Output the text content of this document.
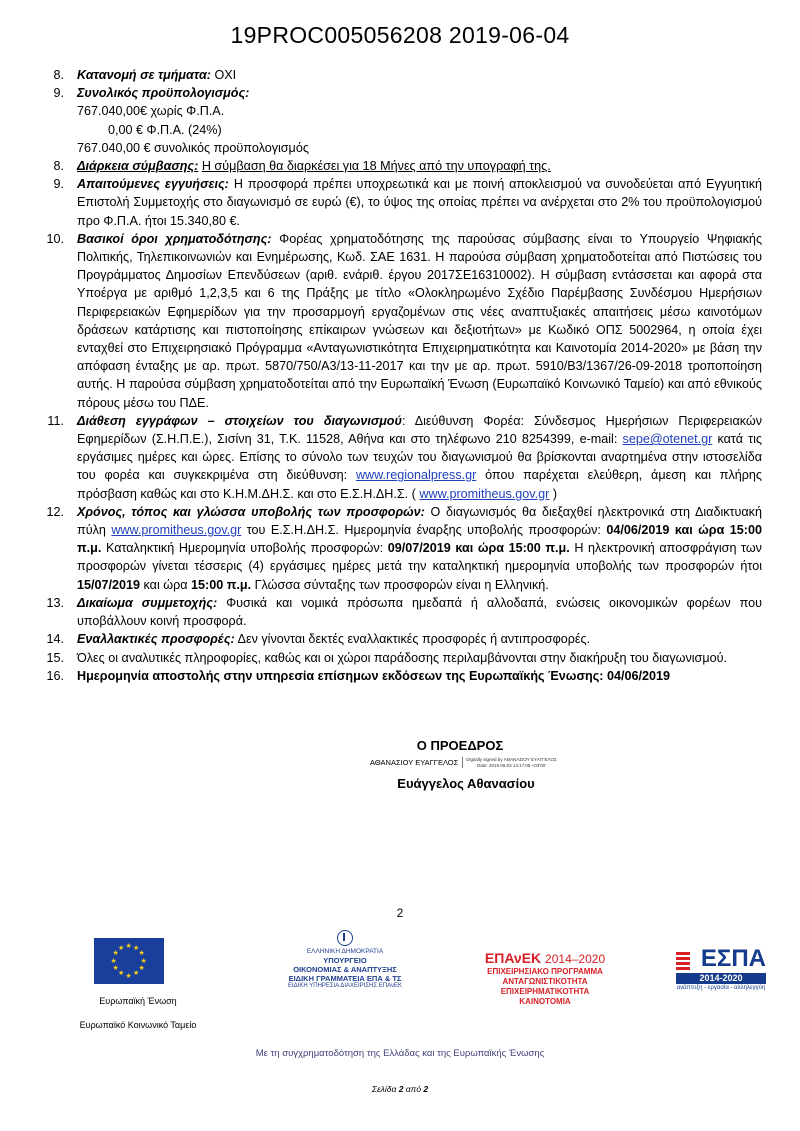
19PROC005056208 2019-06-04
8. Κατανομή σε τμήματα: ΟΧΙ
9. Συνολικός προϋπολογισμός:
767.040,00€ χωρίς Φ.Π.Α.
0,00 € Φ.Π.Α. (24%)
767.040,00 € συνολικός προϋπολογισμός
8. Διάρκεια σύμβασης: Η σύμβαση θα διαρκέσει για 18 Μήνες από την υπογραφή της.
9. Απαιτούμενες εγγυήσεις: Η προσφορά πρέπει υποχρεωτικά και με ποινή αποκλεισμού να συνοδεύεται από Εγγυητική Επιστολή Συμμετοχής στο διαγωνισμό σε ευρώ (€), το ύψος της οποίας πρέπει να ανέρχεται στο 2% του προϋπολογισμού προ Φ.Π.Α. ήτοι 15.340,80 €.
10. Βασικοί όροι χρηματοδότησης: Φορέας χρηματοδότησης της παρούσας σύμβασης είναι το Υπουργείο Ψηφιακής Πολιτικής, Τηλεπικοινωνιών και Ενημέρωσης, Κωδ. ΣΑΕ 1631. Η παρούσα σύμβαση χρηματοδοτείται από Πιστώσεις του Προγράμματος Δημοσίων Επενδύσεων (αριθ. ενάριθ. έργου 2017ΣΕ16310002). Η σύμβαση εντάσσεται και αφορά στα Υποέργα με αριθμό 1,2,3,5 και 6 της Πράξης με τίτλο «Ολοκληρωμένο Σχέδιο Παρέμβασης Συνδέσμου Ημερήσιων Περιφερειακών Εφημερίδων για την προσαρμογή εργαζομένων στις νέες αναπτυξιακές απαιτήσεις μέσω καινοτόμων δράσεων κατάρτισης και πιστοποίησης επίκαιρων γνώσεων και δεξιοτήτων» με Κωδικό ΟΠΣ 5002964, η οποία έχει ενταχθεί στο Επιχειρησιακό Πρόγραμμα «Ανταγωνιστικότητα Επιχειρηματικότητα και Καινοτομία 2014-2020» με βάση την απόφαση ένταξης με αρ. πρωτ. 5870/750/Α3/13-11-2017 και την με αρ. πρωτ. 5910/Β3/1367/26-09-2018 τροποποίηση αυτής. Η παρούσα σύμβαση χρηματοδοτείται από την Ευρωπαϊκή Ένωση (Ευρωπαϊκό Κοινωνικό Ταμείο) και από εθνικούς πόρους μέσω του ΠΔΕ.
11. Διάθεση εγγράφων – στοιχείων του διαγωνισμού: Διεύθυνση Φορέα: Σύνδεσμος Ημερήσιων Περιφερειακών Εφημερίδων (Σ.Η.Π.Ε.), Σισίνη 31, Τ.Κ. 11528, Αθήνα και στο τηλέφωνο 210 8254399, e-mail: sepe@otenet.gr κατά τις εργάσιμες ημέρες και ώρες. Επίσης το σύνολο των τευχών του διαγωνισμού θα βρίσκονται αναρτημένα στην ιστοσελίδα του φορέα και συγκεκριμένα στη διεύθυνση: www.regionalpress.gr όπου παρέχεται ελεύθερη, άμεση και πλήρης πρόσβαση καθώς και στο Κ.Η.Μ.ΔΗ.Σ. και στο Ε.Σ.Η.ΔΗ.Σ. ( www.promitheus.gov.gr )
12. Χρόνος, τόπος και γλώσσα υποβολής των προσφορών: Ο διαγωνισμός θα διεξαχθεί ηλεκτρονικά στη Διαδικτυακή πύλη www.promitheus.gov.gr του Ε.Σ.Η.ΔΗ.Σ. Ημερομηνία έναρξης υποβολής προσφορών: 04/06/2019 και ώρα 15:00 π.μ. Καταληκτική Ημερομηνία υποβολής προσφορών: 09/07/2019 και ώρα 15:00 π.μ. Η ηλεκτρονική αποσφράγιση των προσφορών γίνεται τέσσερις (4) εργάσιμες ημέρες μετά την καταληκτική ημερομηνία υποβολής των προσφορών ήτοι 15/07/2019 και ώρα 15:00 π.μ. Γλώσσα σύνταξης των προσφορών είναι η Ελληνική.
13. Δικαίωμα συμμετοχής: Φυσικά και νομικά πρόσωπα ημεδαπά ή αλλοδαπά, ενώσεις οικονομικών φορέων που υποβάλλουν κοινή προσφορά.
14. Εναλλακτικές προσφορές: Δεν γίνονται δεκτές εναλλακτικές προσφορές ή αντιπροσφορές.
15. Όλες οι αναλυτικές πληροφορίες, καθώς και οι χώροι παράδοσης περιλαμβάνονται στην διακήρυξη του διαγωνισμού.
16. Ημερομηνία αποστολής στην υπηρεσία επίσημων εκδόσεων της Ευρωπαϊκής Ένωσης: 04/06/2019
Ο ΠΡΟΕΔΡΟΣ
ΑΘΑΝΑΣΙΟΥ ΕΥΑΓΓΕΛΟΣ	Digitally signed by ΑΘΑΝΑΣΙΟΥ ΕΥΑΓΓΕΛΟΣ
Date: 2019.06.03 14:17:09 +03'00'
Ευάγγελος Αθανασίου
2
★ ★
★
★
★
★
★
★
★
★
★
★
Ευρωπαϊκή Ένωση
Ευρωπαϊκό Κοινωνικό Ταμείο
ΕΛΛΗΝΙΚΗ ΔΗΜΟΚΡΑΤΙΑ
ΥΠΟΥΡΓΕΙΟ
ΟΙΚΟΝΟΜΙΑΣ & ΑΝΑΠΤΥΞΗΣ
ΕΙΔΙΚΗ ΓΡΑΜΜΑΤΕΙΑ ΕΠΑ & ΤΣ
ΕΙΔΙΚΗ ΥΠΗΡΕΣΙΑ ΔΙΑΧΕΙΡΙΣΗΣ ΕΠΑνΕΚ
ΕΠΑνΕΚ 2014–2020
ΕΠΙΧΕΙΡΗΣΙΑΚΟ ΠΡΟΓΡΑΜΜΑ
ΑΝΤΑΓΩΝΙΣΤΙΚΟΤΗΤΑ
ΕΠΙΧΕΙΡΗΜΑΤΙΚΟΤΗΤΑ
ΚΑΙΝΟΤΟΜΙΑ
ΕΣΠΑ
2014-2020
ανάπτυξη - εργασία - αλληλεγγύη
Με τη συγχρηματοδότηση της Ελλάδας και της Ευρωπαϊκής Ένωσης
Σελίδα 2 από 2
